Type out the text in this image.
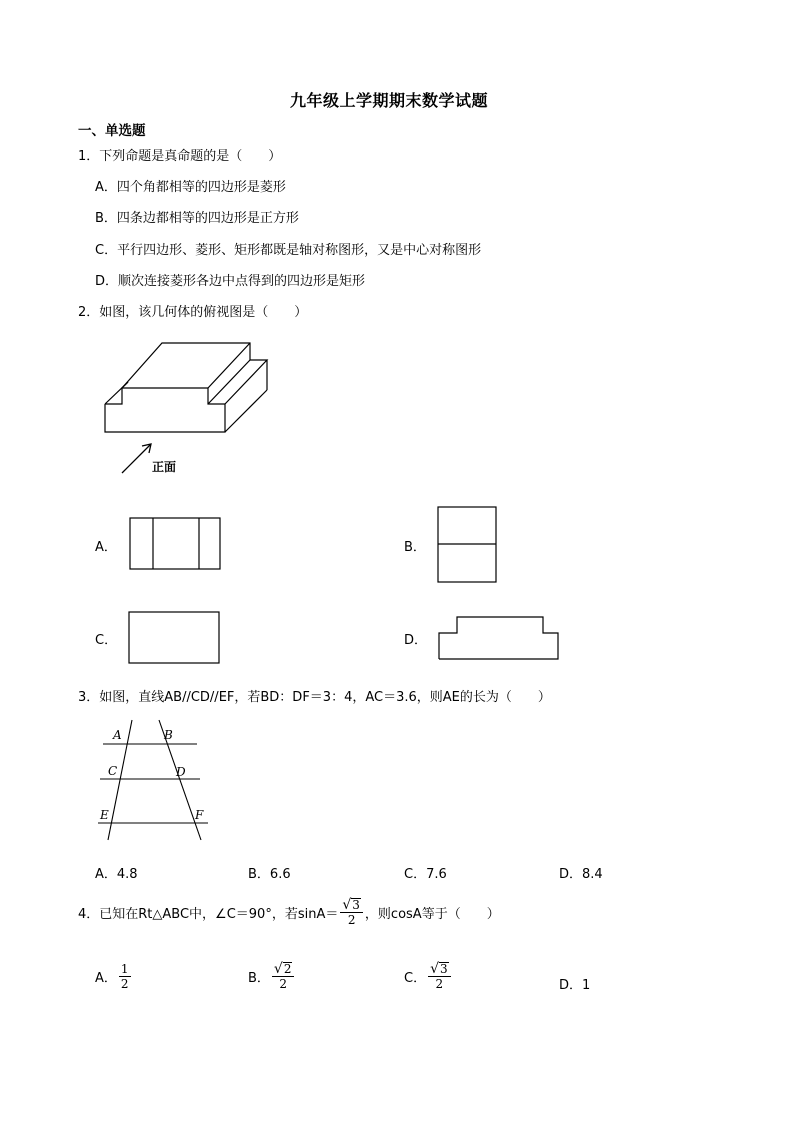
九年级上学期期末数学试题
一、单选题
1．下列命题是真命题的是（　　）
A．四个角都相等的四边形是菱形
B．四条边都相等的四边形是正方形
C．平行四边形、菱形、矩形都既是轴对称图形，又是中心对称图形
D．顺次连接菱形各边中点得到的四边形是矩形
2．如图，该几何体的俯视图是（　　）
正面
A．	B．
C．	D．
3．如图，直线AB//CD//EF，若BD：DF＝3：4，AC＝3.6，则AE的长为（　　）
A	B
C	D
E	F
A．4.8	B．6.6	C．7.6	D．8.4
4．已知在Rt△ABC中，∠C＝90°，若$\sin A= \frac{√ 3}{2}$ ，则cosA等于（　　）
A． $\frac{1}{2}$	B． $\frac{√ 2}{2}$	C． $\frac{√ 3}{2}$	D．1
